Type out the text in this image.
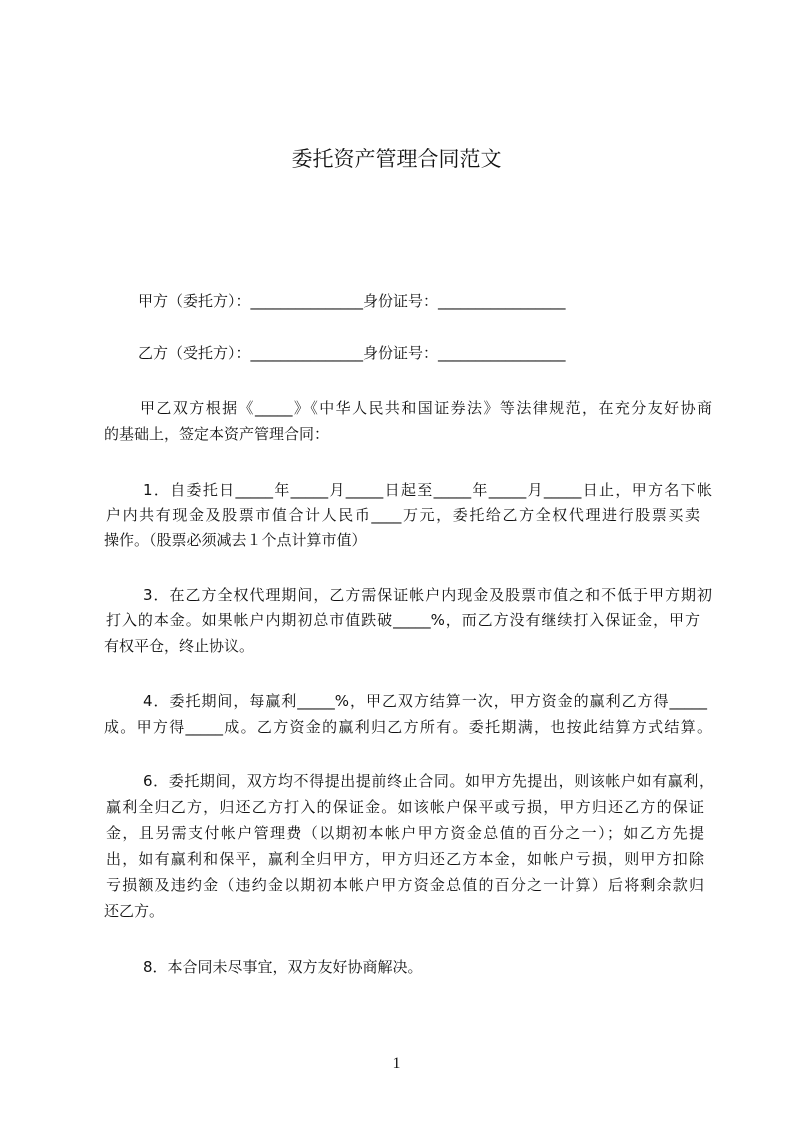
委托资产管理合同范文
甲方（委托方）：_______________身份证号：_________________
乙方（受托方）：_______________身份证号：_________________
甲乙双方根据《_____》《中华人民共和国证券法》等法律规范，在充分友好协商
的基础上，签定本资产管理合同：
1．自委托日_____年_____月_____日起至_____年_____月_____日止，甲方名下帐
户内共有现金及股票市值合计人民币____万元，委托给乙方全权代理进行股票买卖
操作。（股票必须减去１个点计算市值）
3．在乙方全权代理期间，乙方需保证帐户内现金及股票市值之和不低于甲方期初
打入的本金。如果帐户内期初总市值跌破_____%，而乙方没有继续打入保证金，甲方
有权平仓，终止协议。
4．委托期间，每赢利_____%，甲乙双方结算一次，甲方资金的赢利乙方得_____
成。甲方得_____成。乙方资金的赢利归乙方所有。委托期满，也按此结算方式结算。
6．委托期间，双方均不得提出提前终止合同。如甲方先提出，则该帐户如有赢利，
赢利全归乙方，归还乙方打入的保证金。如该帐户保平或亏损，甲方归还乙方的保证
金，且另需支付帐户管理费（以期初本帐户甲方资金总值的百分之一）；如乙方先提
出，如有赢利和保平，赢利全归甲方，甲方归还乙方本金，如帐户亏损，则甲方扣除
亏损额及违约金（违约金以期初本帐户甲方资金总值的百分之一计算）后将剩余款归
还乙方。
8．本合同未尽事宜，双方友好协商解决。
1
